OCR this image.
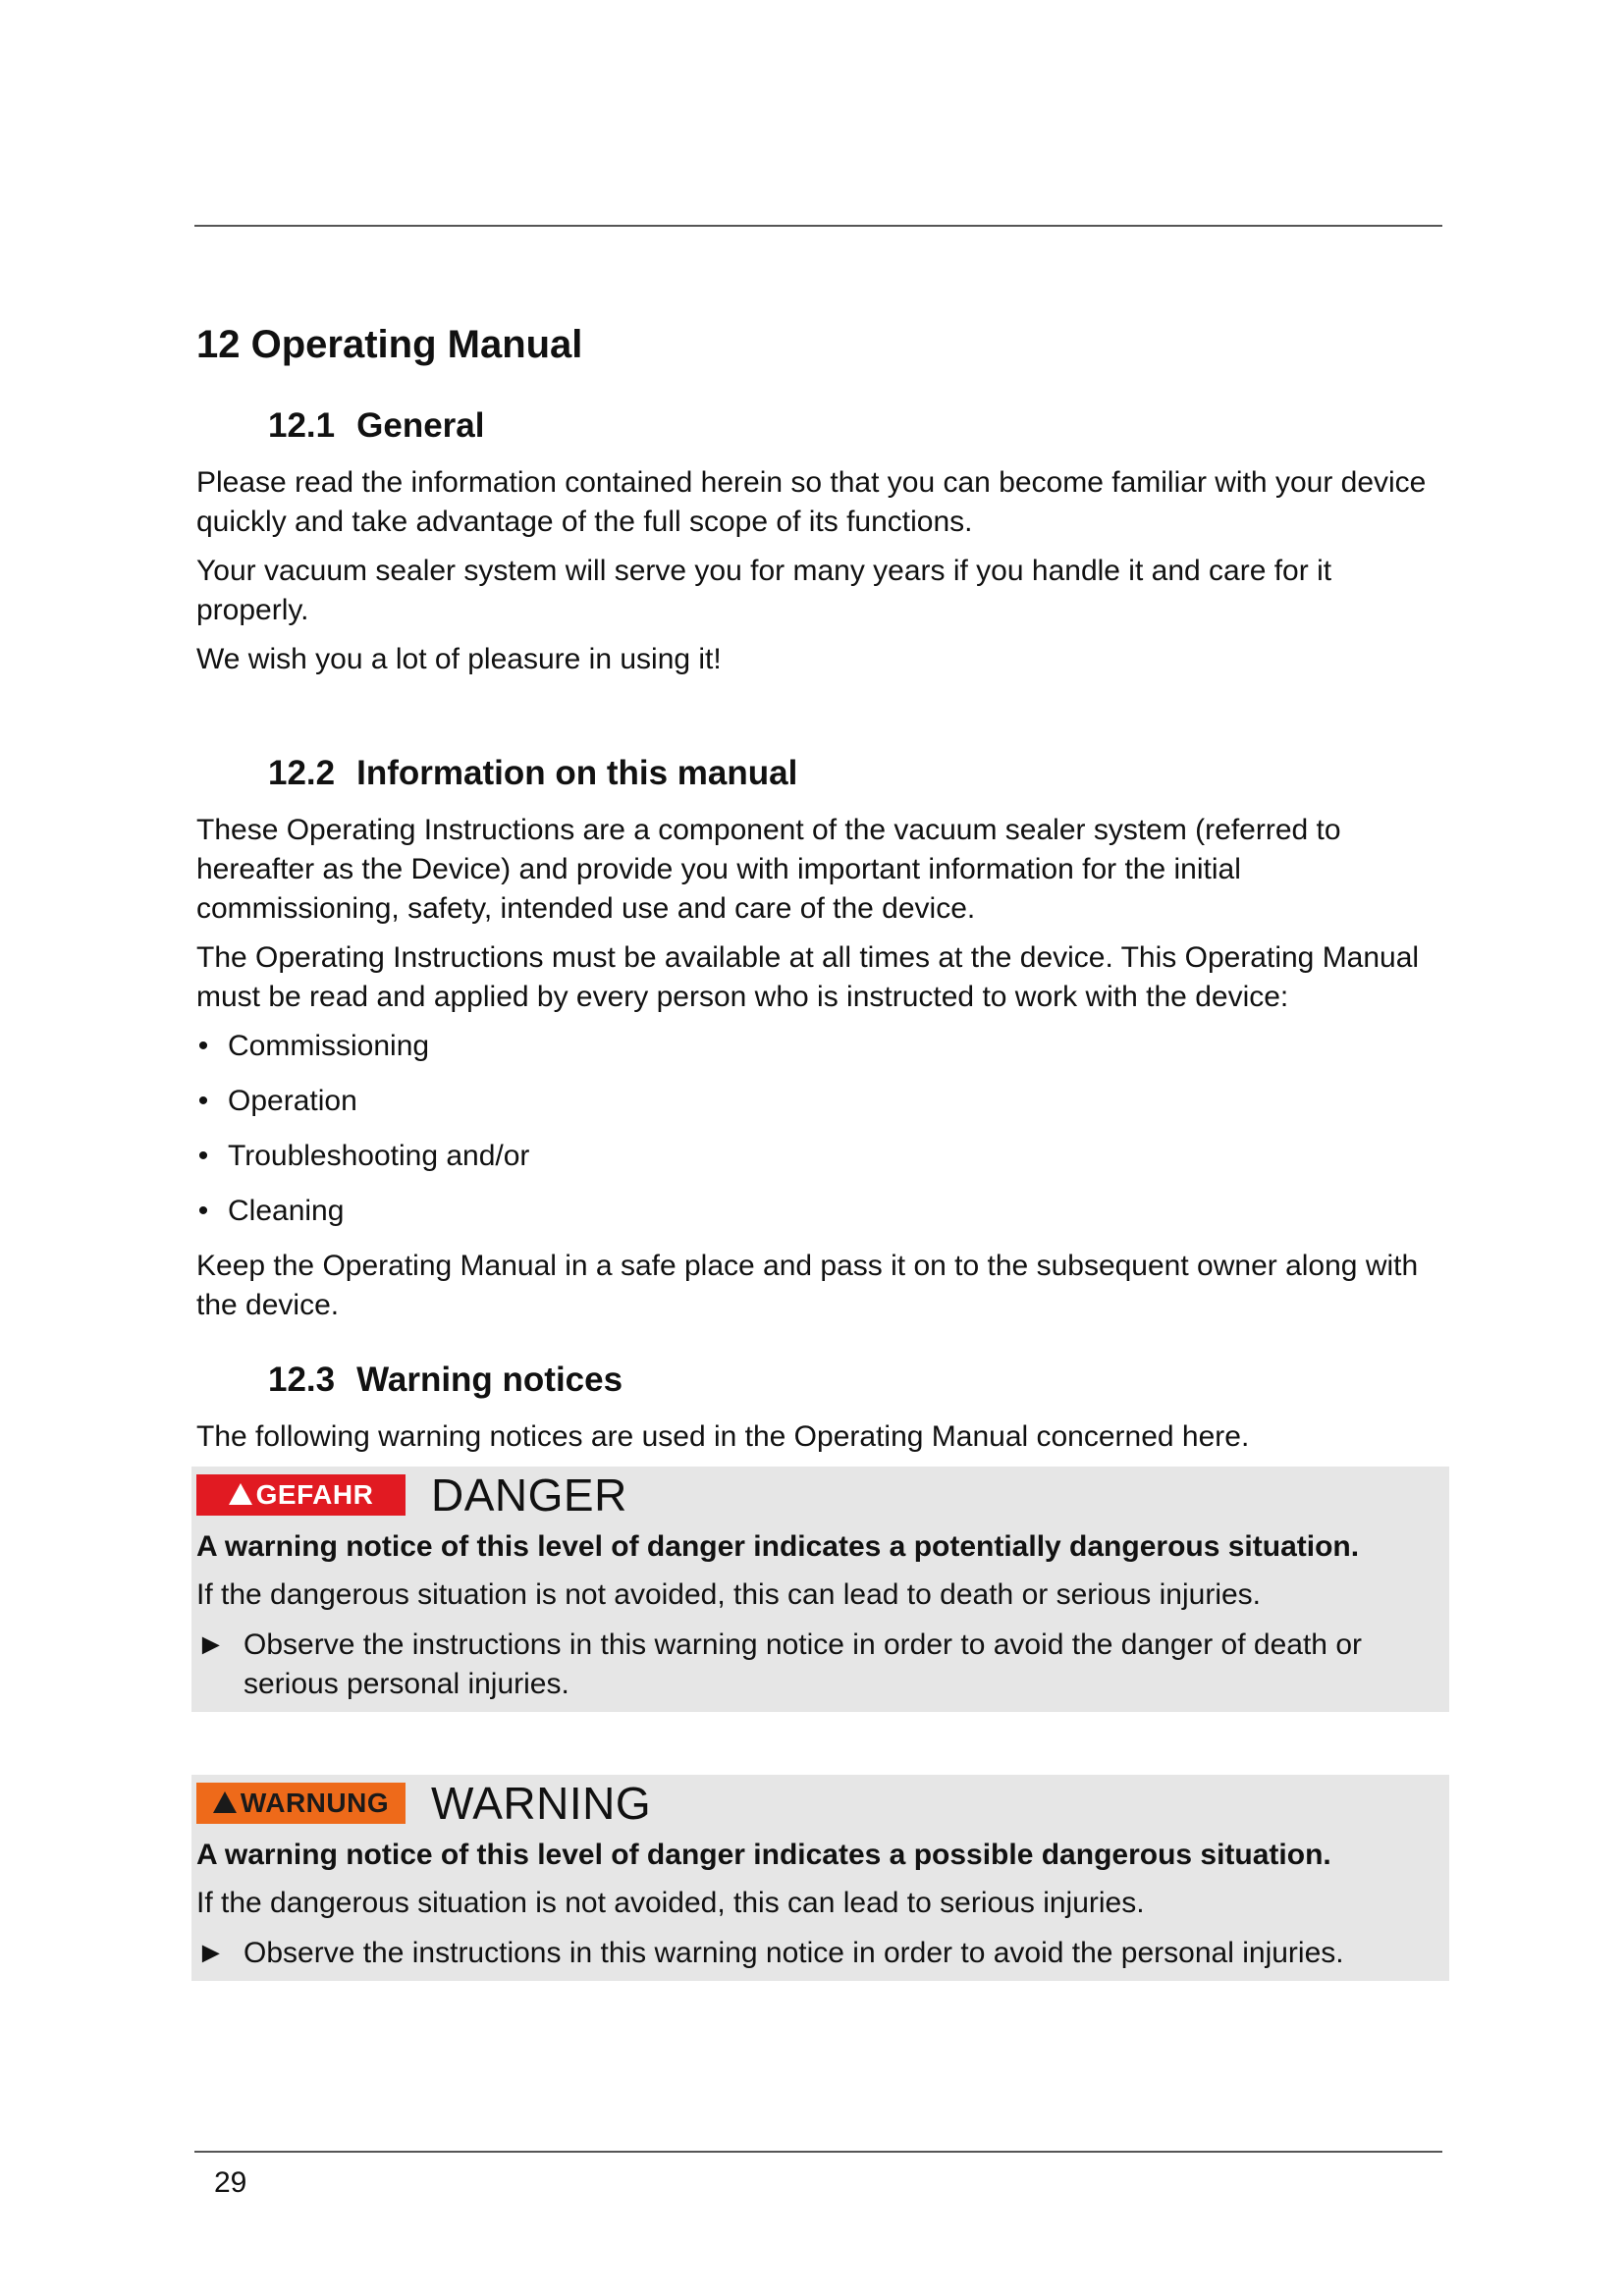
12 Operating Manual
12.1 General

Please read the information contained herein so that you can become familiar with your device quickly and take advantage of the full scope of its functions.

Your vacuum sealer system will serve you for many years if you handle it and care for it properly.

We wish you a lot of pleasure in using it!

12.2 Information on this manual

These Operating Instructions are a component of the vacuum sealer system (referred to hereafter as the Device) and provide you with important information for the initial commissioning, safety, intended use and care of the device.

The Operating Instructions must be available at all times at the device. This Operating Manual must be read and applied by every person who is instructed to work with the device:

• Commissioning
• Operation
• Troubleshooting and/or
• Cleaning

Keep the Operating Manual in a safe place and pass it on to the subsequent owner along with the device.

12.3 Warning notices

The following warning notices are used in the Operating Manual concerned here.

GEFAHR DANGER

A warning notice of this level of danger indicates a potentially dangerous situation.

If the dangerous situation is not avoided, this can lead to death or serious injuries.

► Observe the instructions in this warning notice in order to avoid the danger of death or serious personal injuries.
WARNUNG WARNING

A warning notice of this level of danger indicates a possible dangerous situation.

If the dangerous situation is not avoided, this can lead to serious injuries.

► Observe the instructions in this warning notice in order to avoid the personal injuries.
29
